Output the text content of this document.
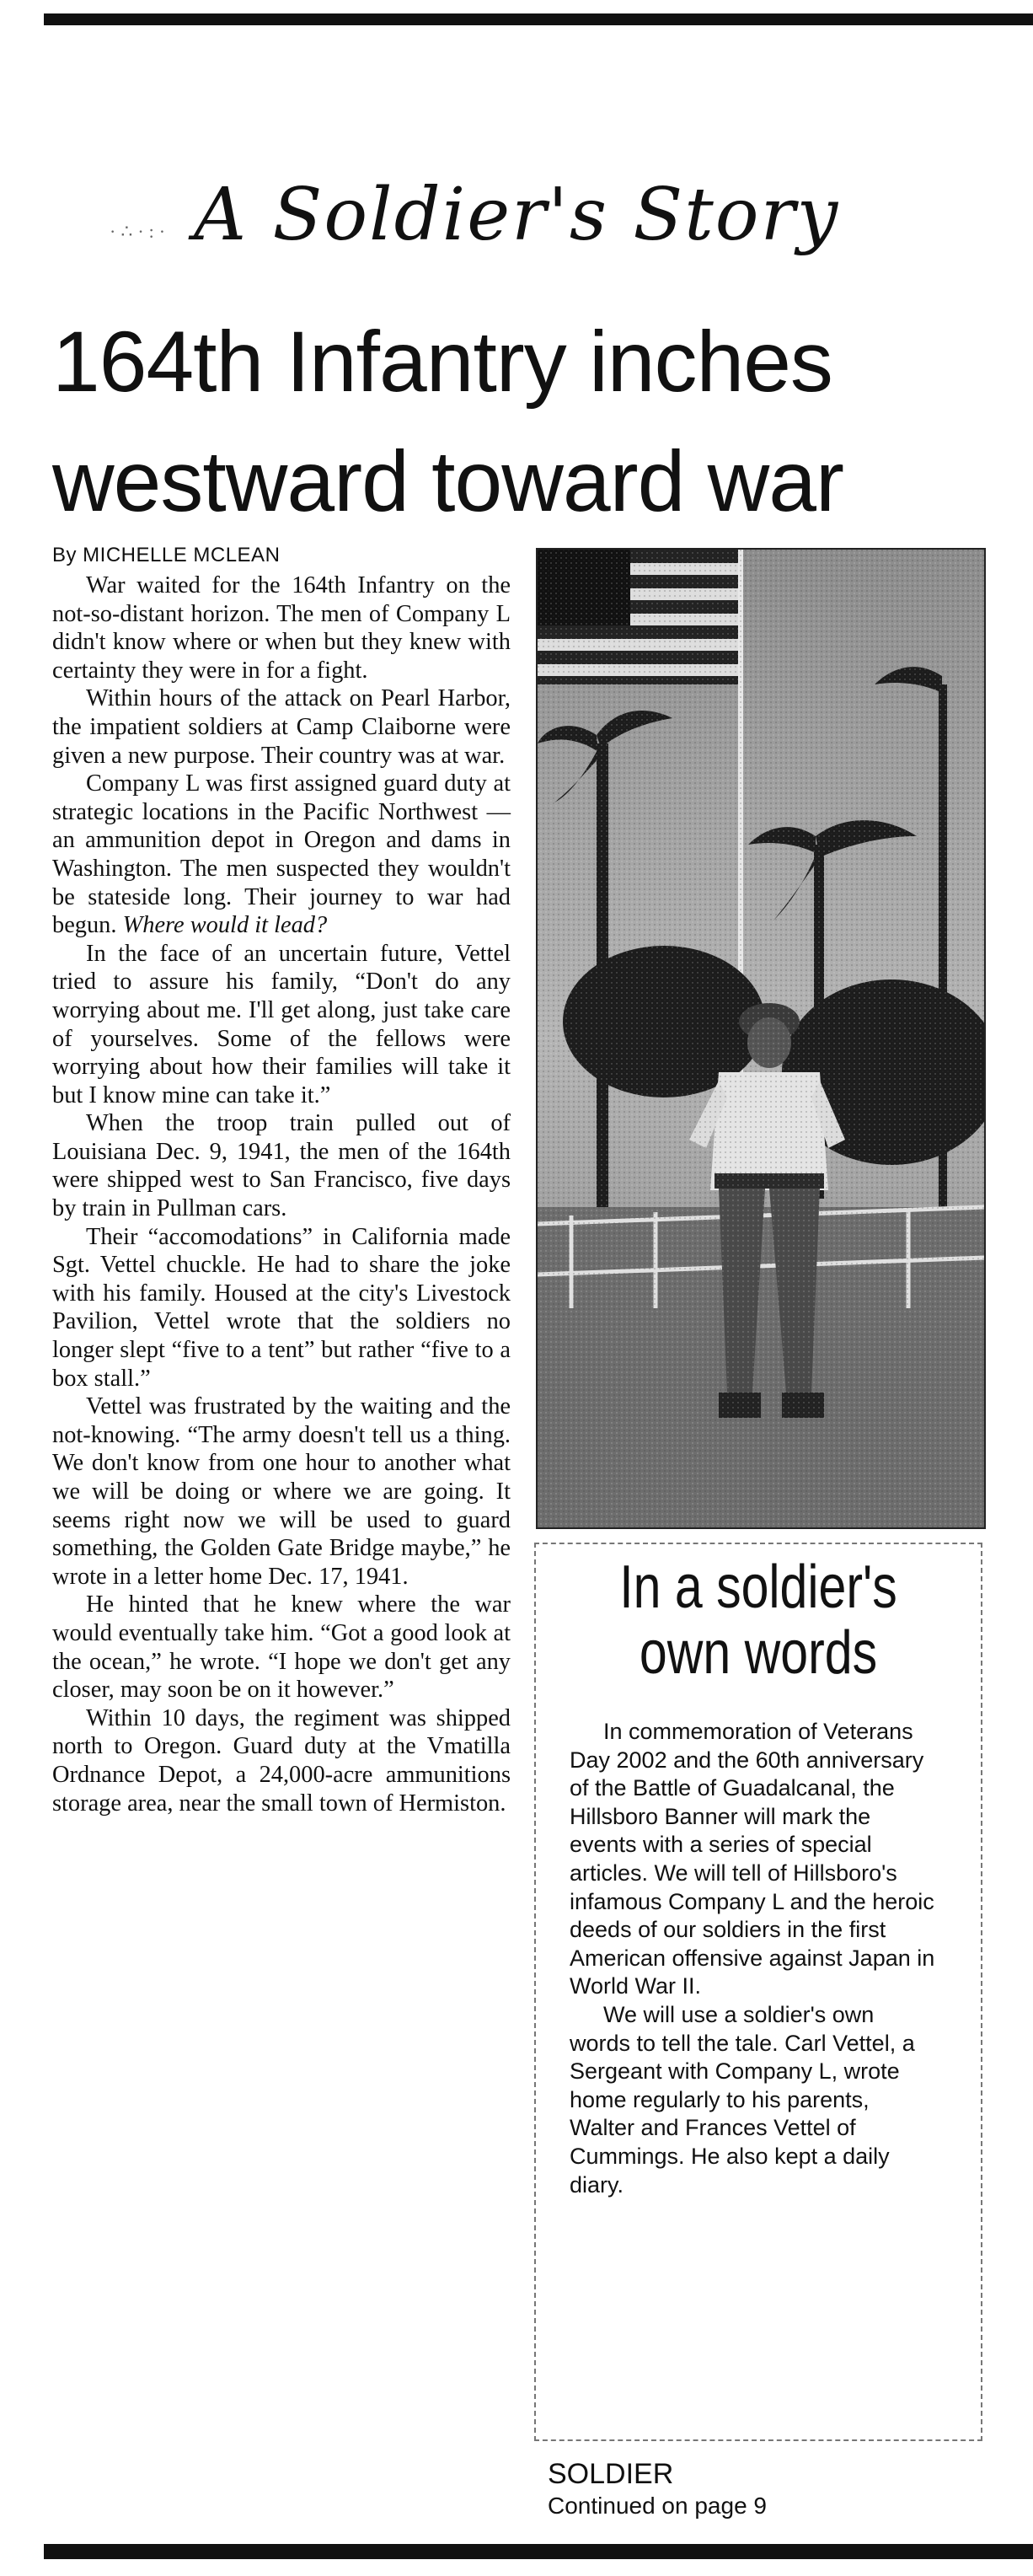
·∴·:· A Soldier's Story
164th Infantry inches
westward toward war
By MICHELLE MCLEAN

War waited for the 164th Infantry on the not-so-distant horizon. The men of Company L didn't know where or when but they knew with certainty they were in for a fight.

Within hours of the attack on Pearl Harbor, the impatient soldiers at Camp Claiborne were given a new purpose. Their country was at war.

Company L was first assigned guard duty at strategic locations in the Pacific Northwest — an ammunition depot in Oregon and dams in Washington. The men suspected they wouldn't be stateside long. Their journey to war had begun. Where would it lead?

In the face of an uncertain future, Vettel tried to assure his family, “Don't do any worrying about me. I'll get along, just take care of yourselves. Some of the fellows were worrying about how their families will take it but I know mine can take it.”

When the troop train pulled out of Louisiana Dec. 9, 1941, the men of the 164th were shipped west to San Francisco, five days by train in Pullman cars.

Their “accomodations” in California made Sgt. Vettel chuckle. He had to share the joke with his family. Housed at the city's Livestock Pavilion, Vettel wrote that the soldiers no longer slept “five to a tent” but rather “five to a box stall.”

Vettel was frustrated by the waiting and the not-knowing. “The army doesn't tell us a thing. We don't know from one hour to another what we will be doing or where we are going. It seems right now we will be used to guard something, the Golden Gate Bridge maybe,” he wrote in a letter home Dec. 17, 1941.

He hinted that he knew where the war would eventually take him. “Got a good look at the ocean,” he wrote. “I hope we don't get any closer, may soon be on it however.”

Within 10 days, the regiment was shipped north to Oregon. Guard duty at the Vmatilla Ordnance Depot, a 24,000-acre ammunitions storage area, near the small town of Hermiston.

In a soldier's
own words

In commemoration of Veterans Day 2002 and the 60th anniversary of the Battle of Guadalcanal, the Hillsboro Banner will mark the events with a series of special articles. We will tell of Hillsboro's infamous Company L and the heroic deeds of our soldiers in the first American offensive against Japan in World War II.

We will use a soldier's own words to tell the tale. Carl Vettel, a Sergeant with Company L, wrote home regularly to his parents, Walter and Frances Vettel of Cummings. He also kept a daily diary.

SOLDIER
Continued on page 9
